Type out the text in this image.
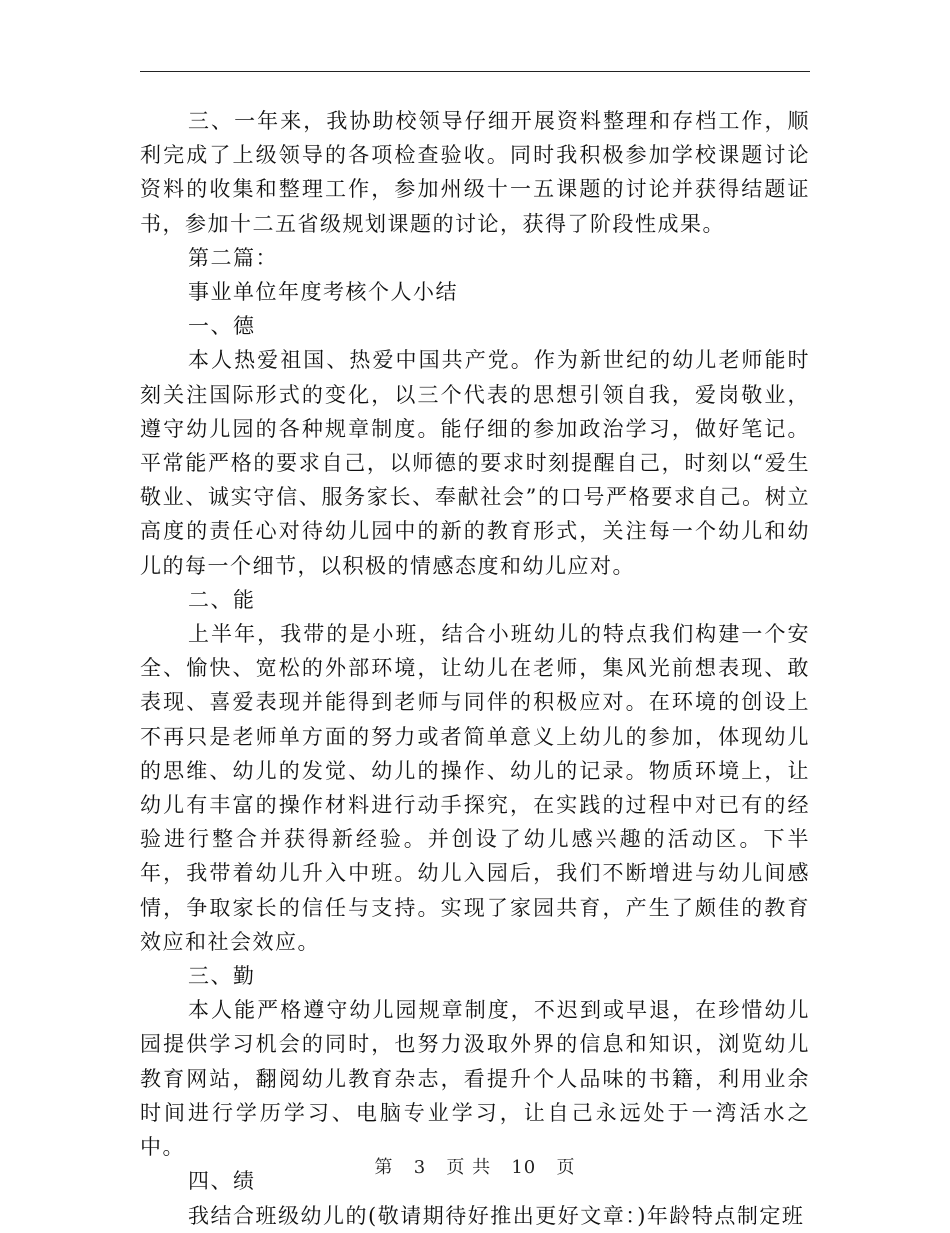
三、一年来，我协助校领导仔细开展资料整理和存档工作，顺利完成了上级领导的各项检查验收。同时我积极参加学校课题讨论资料的收集和整理工作，参加州级十一五课题的讨论并获得结题证书，参加十二五省级规划课题的讨论，获得了阶段性成果。

第二篇：

事业单位年度考核个人小结

一、德

本人热爱祖国、热爱中国共产党。作为新世纪的幼儿老师能时刻关注国际形式的变化，以三个代表的思想引领自我，爱岗敬业，遵守幼儿园的各种规章制度。能仔细的参加政治学习，做好笔记。平常能严格的要求自己，以师德的要求时刻提醒自己，时刻以“爱生敬业、诚实守信、服务家长、奉献社会”的口号严格要求自己。树立高度的责任心对待幼儿园中的新的教育形式，关注每一个幼儿和幼儿的每一个细节，以积极的情感态度和幼儿应对。

二、能

上半年，我带的是小班，结合小班幼儿的特点我们构建一个安全、愉快、宽松的外部环境，让幼儿在老师，集风光前想表现、敢表现、喜爱表现并能得到老师与同伴的积极应对。在环境的创设上不再只是老师单方面的努力或者简单意义上幼儿的参加，体现幼儿的思维、幼儿的发觉、幼儿的操作、幼儿的记录。物质环境上，让幼儿有丰富的操作材料进行动手探究，在实践的过程中对已有的经验进行整合并获得新经验。并创设了幼儿感兴趣的活动区。下半年，我带着幼儿升入中班。幼儿入园后，我们不断增进与幼儿间感情，争取家长的信任与支持。实现了家园共育，产生了颇佳的教育效应和社会效应。

三、勤

本人能严格遵守幼儿园规章制度，不迟到或早退，在珍惜幼儿园提供学习机会的同时，也努力汲取外界的信息和知识，浏览幼儿教育网站，翻阅幼儿教育杂志，看提升个人品味的书籍，利用业余时间进行学历学习、电脑专业学习，让自己永远处于一湾活水之中。

四、绩

我结合班级幼儿的(敬请期待好推出更好文章：)年龄特点制定班

第 3 页 共 10 页
